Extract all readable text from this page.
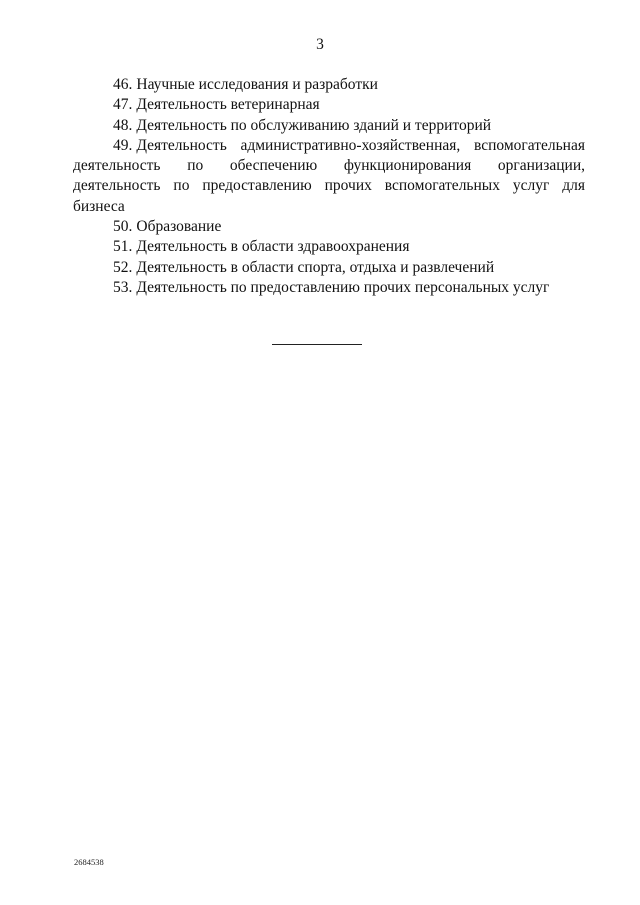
3
46. Научные исследования и разработки
47. Деятельность ветеринарная
48. Деятельность по обслуживанию зданий и территорий
49. Деятельность административно-хозяйственная, вспомогательная деятельность по обеспечению функционирования организации, деятельность по предоставлению прочих вспомогательных услуг для бизнеса
50. Образование
51. Деятельность в области здравоохранения
52. Деятельность в области спорта, отдыха и развлечений
53. Деятельность по предоставлению прочих персональных услуг
2684538
